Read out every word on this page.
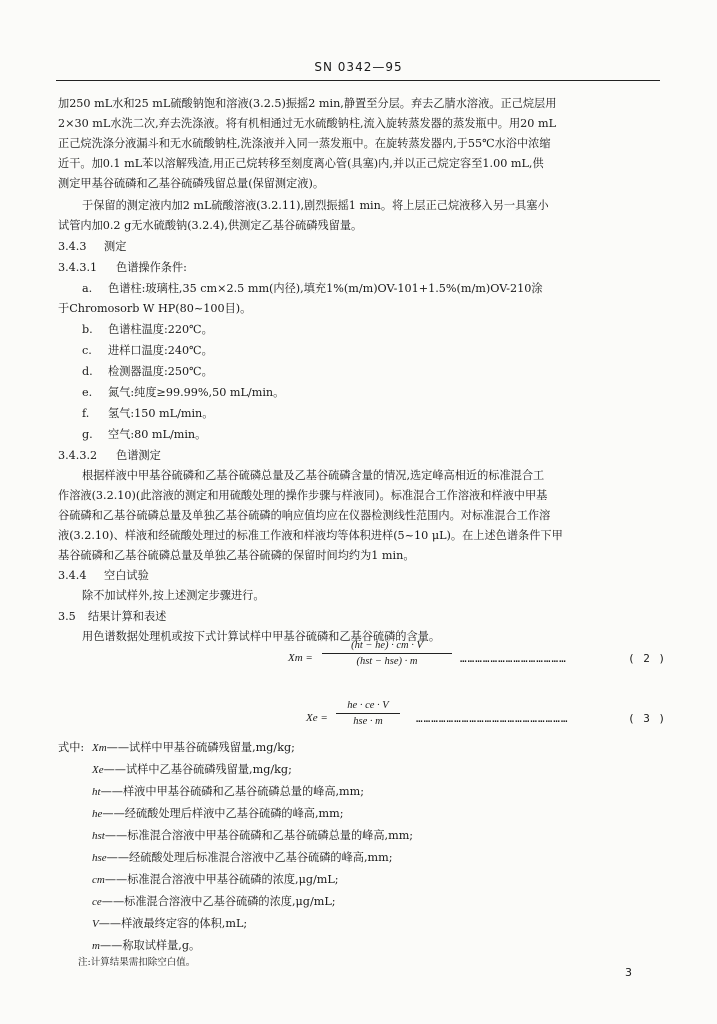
SN 0342—95
加250 mL水和25 mL硫酸钠饱和溶液(3.2.5)振摇2 min,静置至分层。弃去乙腈水溶液。正己烷层用
2×30 mL水洗二次,弃去洗涤液。将有机相通过无水硫酸钠柱,流入旋转蒸发器的蒸发瓶中。用20 mL
正己烷洗涤分液漏斗和无水硫酸钠柱,洗涤液并入同一蒸发瓶中。在旋转蒸发器内,于55℃水浴中浓缩
近干。加0.1 mL苯以溶解残渣,用正己烷转移至刻度离心管(具塞)内,并以正己烷定容至1.00 mL,供
测定甲基谷硫磷和乙基谷硫磷残留总量(保留测定液)。
于保留的测定液内加2 mL硫酸溶液(3.2.11),剧烈振摇1 min。将上层正己烷液移入另一具塞小
试管内加0.2 g无水硫酸钠(3.2.4),供测定乙基谷硫磷残留量。
3.4.3 测定
3.4.3.1 色谱操作条件:
a. 色谱柱:玻璃柱,35 cm×2.5 mm(内径),填充1%(m/m)OV-101+1.5%(m/m)OV-210涂
于Chromosorb W HP(80~100目)。
b. 色谱柱温度:220℃。
c. 进样口温度:240℃。
d. 检测器温度:250℃。
e. 氮气:纯度≥99.99%,50 mL/min。
f. 氢气:150 mL/min。
g. 空气:80 mL/min。
3.4.3.2 色谱测定
根据样液中甲基谷硫磷和乙基谷硫磷总量及乙基谷硫磷含量的情况,选定峰高相近的标准混合工
作溶液(3.2.10)(此溶液的测定和用硫酸处理的操作步骤与样液同)。标准混合工作溶液和样液中甲基
谷硫磷和乙基谷硫磷总量及单独乙基谷硫磷的响应值均应在仪器检测线性范围内。对标准混合工作溶
液(3.2.10)、样液和经硫酸处理过的标准工作液和样液均等体积进样(5~10 μL)。在上述色谱条件下甲
基谷硫磷和乙基谷硫磷总量及单独乙基谷硫磷的保留时间均约为1 min。
3.4.4 空白试验
除不加试样外,按上述测定步骤进行。
3.5 结果计算和表述
用色谱数据处理机或按下式计算试样中甲基谷硫磷和乙基谷硫磷的含量。
Xm =
(ht − he) · cm · V
(hst − hse) · m	……………………………………	( 2 )
Xe =
he · ce · V
hse · m	……………………………………………………	( 3 )
式中: Xm——试样中甲基谷硫磷残留量,mg/kg;
Xe——试样中乙基谷硫磷残留量,mg/kg;
ht——样液中甲基谷硫磷和乙基谷硫磷总量的峰高,mm;
he——经硫酸处理后样液中乙基谷硫磷的峰高,mm;
hst——标准混合溶液中甲基谷硫磷和乙基谷硫磷总量的峰高,mm;
hse——经硫酸处理后标准混合溶液中乙基谷硫磷的峰高,mm;
cm——标准混合溶液中甲基谷硫磷的浓度,μg/mL;
ce——标准混合溶液中乙基谷硫磷的浓度,μg/mL;
V——样液最终定容的体积,mL;
m——称取试样量,g。
注:计算结果需扣除空白值。
3
